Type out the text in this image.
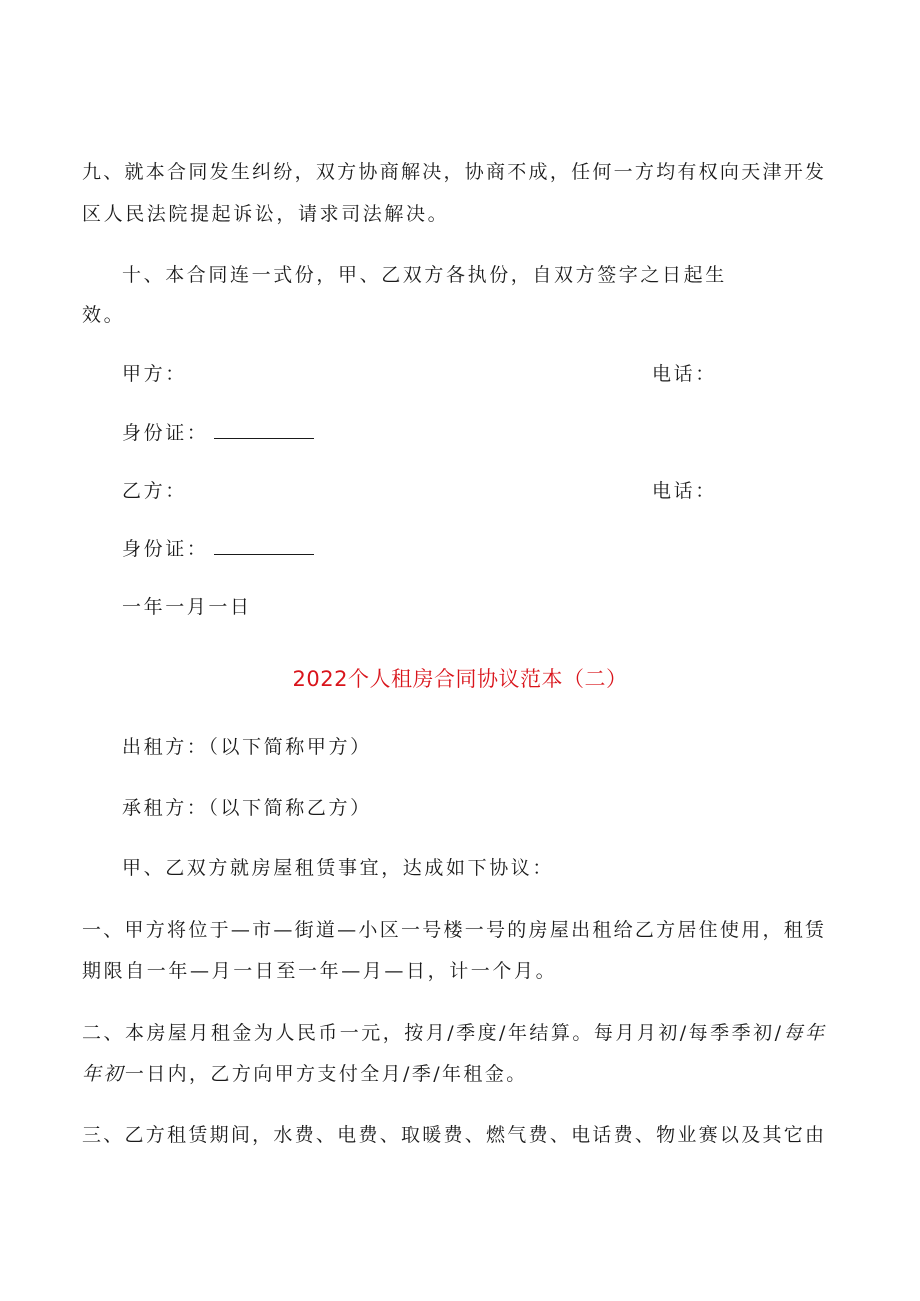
九、就本合同发生纠纷，双方协商解决，协商不成，任何一方均有权向天津开发
区人民法院提起诉讼，请求司法解决。
十、本合同连一式份，甲、乙双方各执份，自双方签字之日起生
效。
甲方：	电话：
身份证：
乙方：	电话：
身份证：
一年一月一日
2022个人租房合同协议范本（二）
出租方：（以下简称甲方）
承租方：（以下简称乙方）
甲、乙双方就房屋租赁事宜，达成如下协议：
一、甲方将位于—市—街道—小区一号楼一号的房屋出租给乙方居住使用，租赁
期限自一年—月一日至一年—月—日，计一个月。
二、本房屋月租金为人民币一元，按月/季度/年结算。每月月初/每季季初/每年
年初一日内，乙方向甲方支付全月/季/年租金。
三、乙方租赁期间，水费、电费、取暖费、燃气费、电话费、物业赛以及其它由
